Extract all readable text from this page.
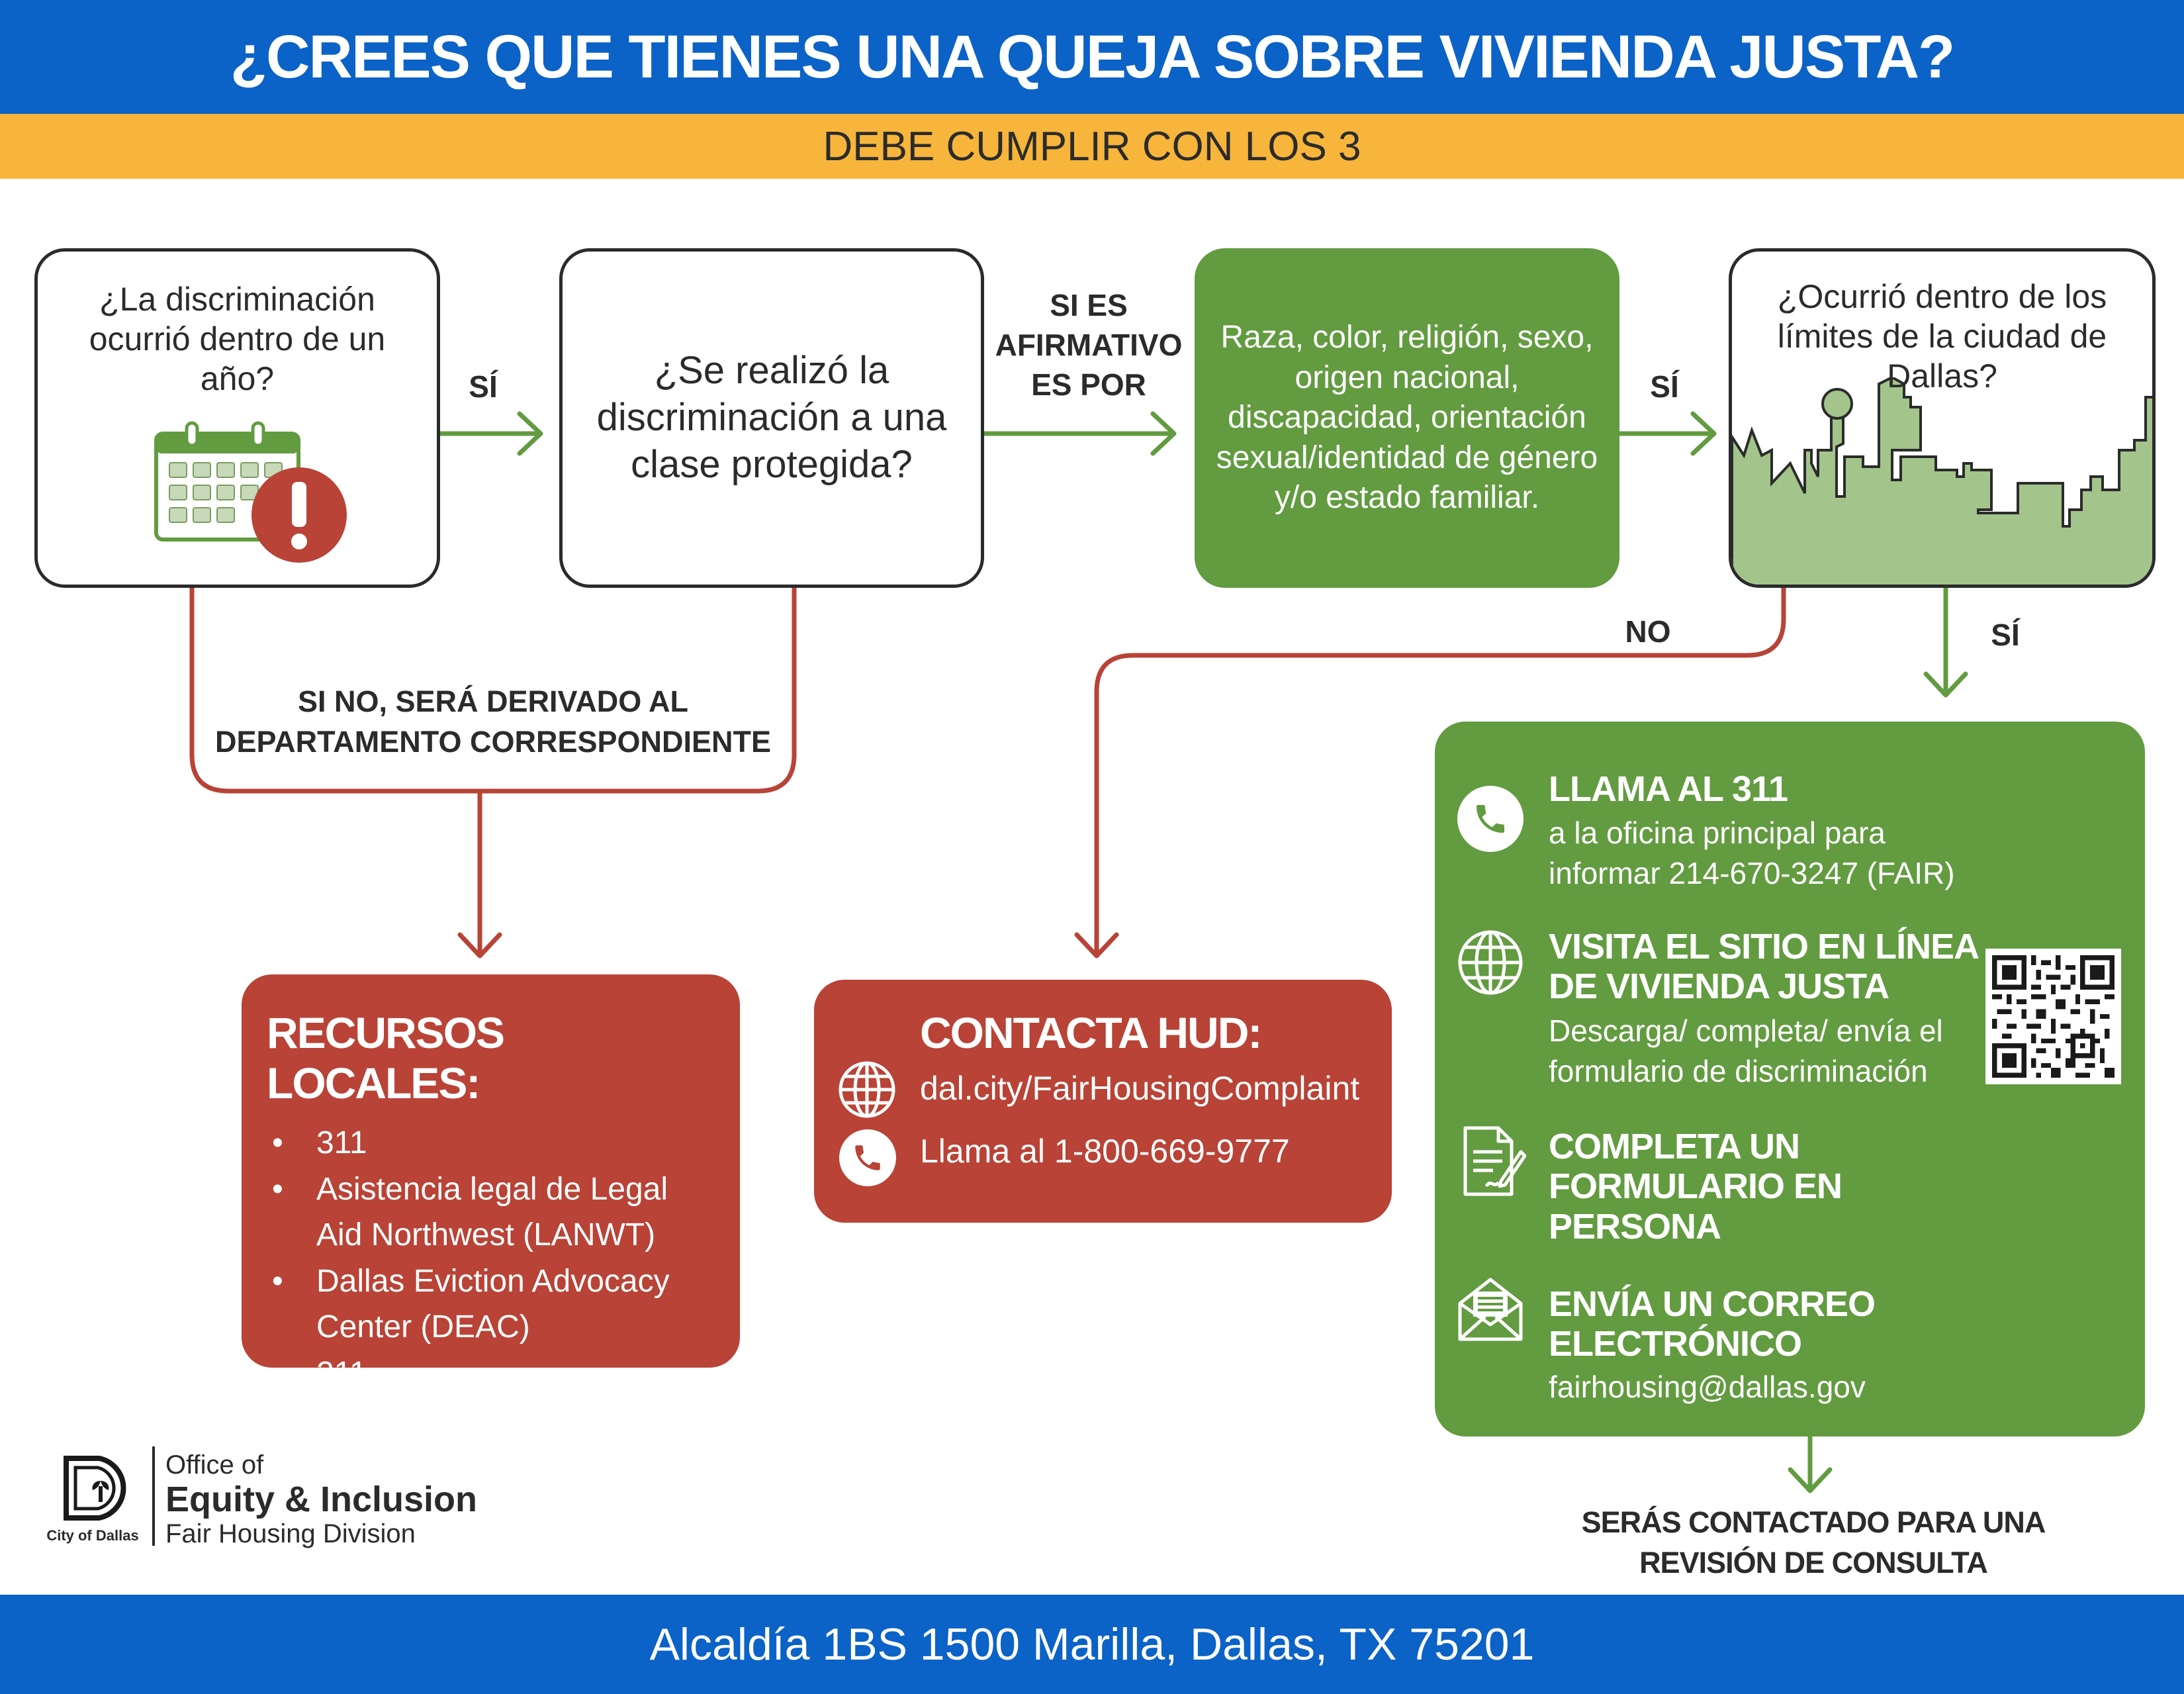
¿CREES QUE TIENES UNA QUEJA SOBRE VIVIENDA JUSTA?
DEBE CUMPLIR CON LOS 3
¿La discriminación ocurrió dentro de un año?	SÍ	¿Se realizó la discriminación a una clase protegida?
SI ES
AFIRMATIVO
ES POR
Raza, color, religión, sexo, origen nacional, discapacidad, orientación sexual/identidad de género y/o estado familiar.
SÍ
¿Ocurrió dentro de los límites de la ciudad de Dallas?
NO	SÍ
SI NO, SERÁ DERIVADO AL
DEPARTAMENTO CORRESPONDIENTE
RECURSOS LOCALES:
• 311
• Asistencia legal de Legal Aid Northwest (LANWT)
• Dallas Eviction Advocacy Center (DEAC)
• 211
CONTACTA HUD:
dal.city/FairHousingComplaint
Llama al 1-800-669-9777
LLAMA AL 311
a la oficina principal para informar 214-670-3247 (FAIR)
VISITA EL SITIO EN LÍNEA DE VIVIENDA JUSTA
Descarga/ completa/ envía el formulario de discriminación
COMPLETA UN FORMULARIO EN PERSONA
ENVÍA UN CORREO ELECTRÓNICO
fairhousing@dallas.gov
SERÁS CONTACTADO PARA UNA
REVISIÓN DE CONSULTA
City of Dallas
Office of
Equity & Inclusion
Fair Housing Division
Alcaldía 1BS 1500 Marilla, Dallas, TX 75201
